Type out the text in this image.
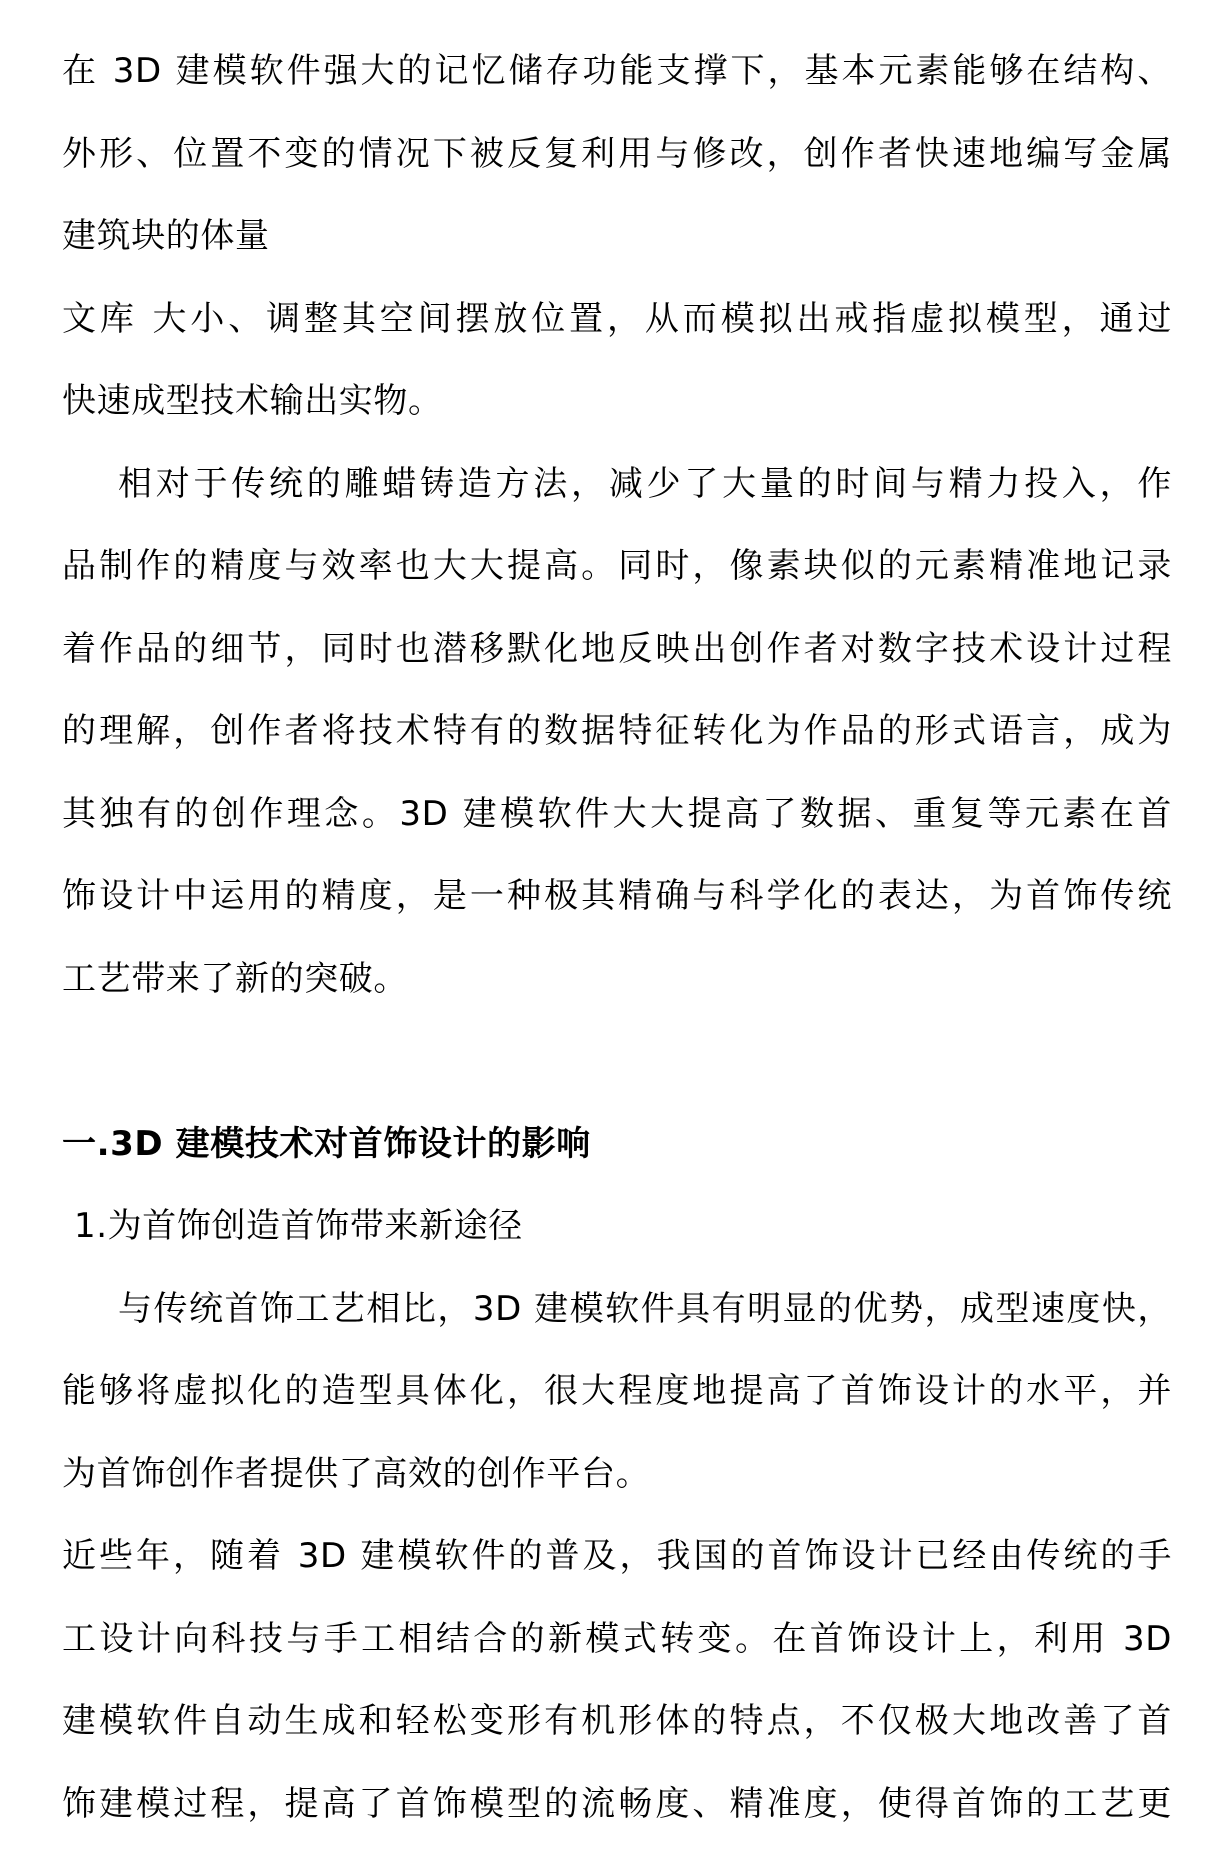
在 3D 建模软件强大的记忆储存功能支撑下，基本元素能够在结构、
外形、位置不变的情况下被反复利用与修改，创作者快速地编写金属
建筑块的体量
文库 大小、调整其空间摆放位置，从而模拟出戒指虚拟模型，通过
快速成型技术输出实物。
相对于传统的雕蜡铸造方法，减少了大量的时间与精力投入，作
品制作的精度与效率也大大提高。同时，像素块似的元素精准地记录
着作品的细节，同时也潜移默化地反映出创作者对数字技术设计过程
的理解，创作者将技术特有的数据特征转化为作品的形式语言，成为
其独有的创作理念。3D 建模软件大大提高了数据、重复等元素在首
饰设计中运用的精度，是一种极其精确与科学化的表达，为首饰传统
工艺带来了新的突破。
一.3D 建模技术对首饰设计的影响
1.为首饰创造首饰带来新途径
与传统首饰工艺相比，3D 建模软件具有明显的优势，成型速度快，
能够将虚拟化的造型具体化，很大程度地提高了首饰设计的水平，并
为首饰创作者提供了高效的创作平台。
近些年，随着 3D 建模软件的普及，我国的首饰设计已经由传统的手
工设计向科技与手工相结合的新模式转变。在首饰设计上，利用 3D
建模软件自动生成和轻松变形有机形体的特点，不仅极大地改善了首
饰建模过程，提高了首饰模型的流畅度、精准度，使得首饰的工艺更
